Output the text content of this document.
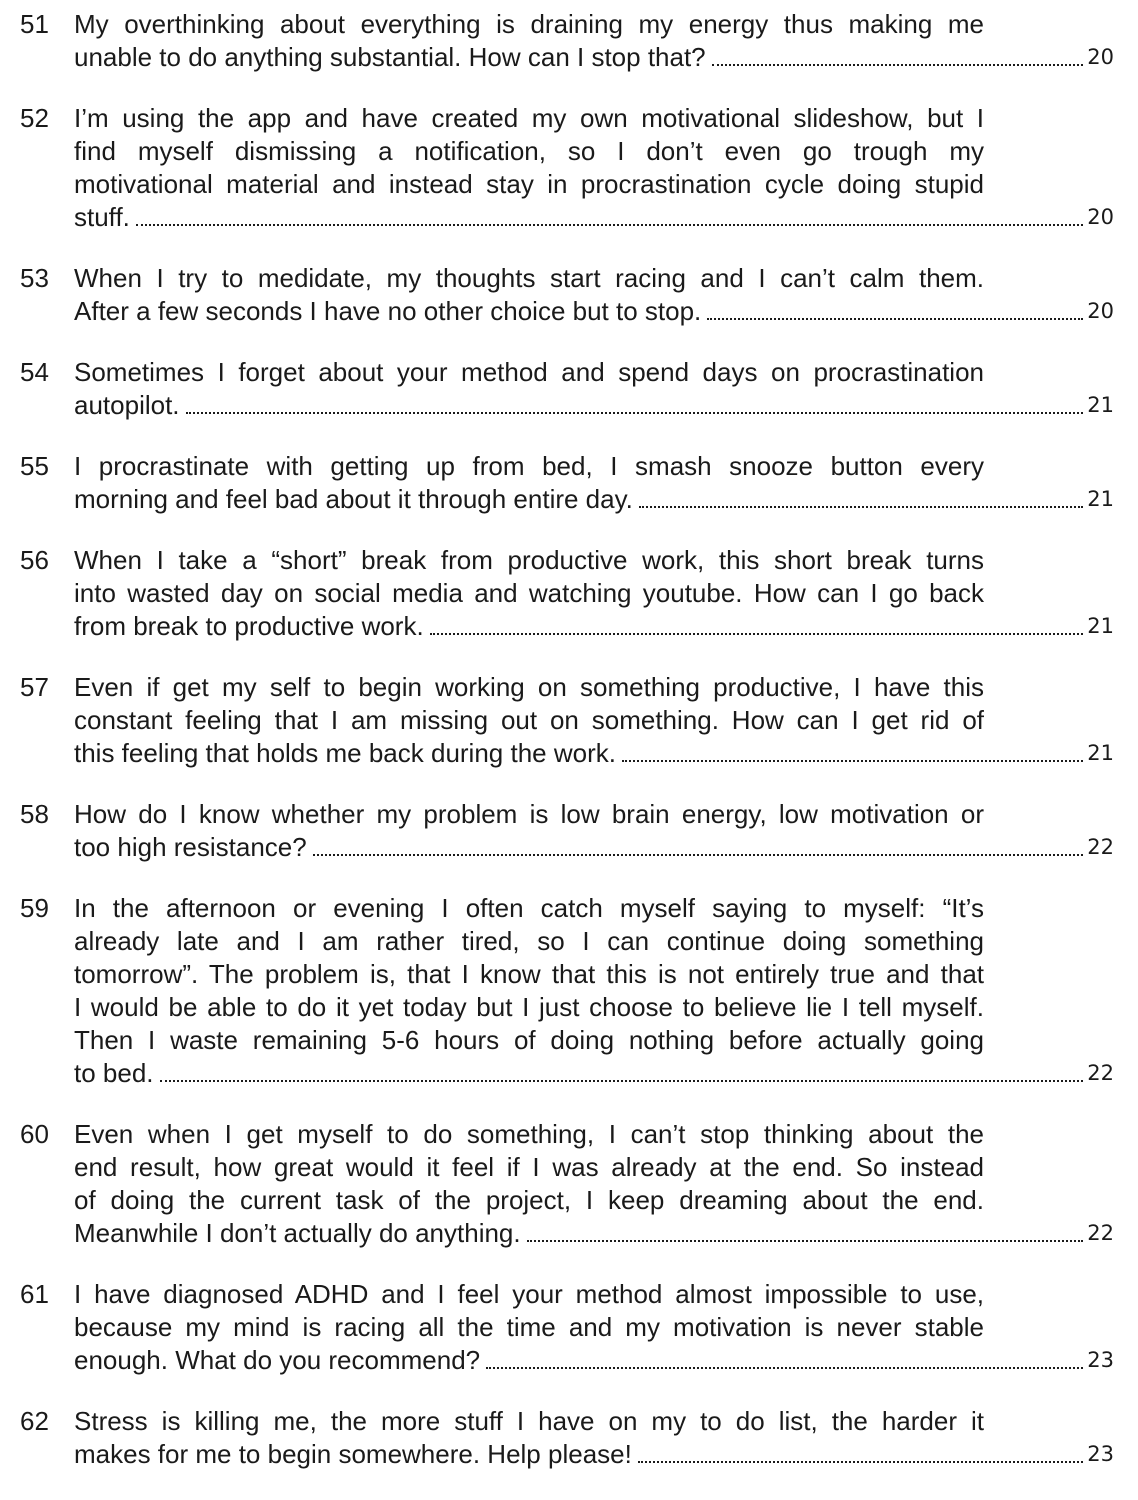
51 My overthinking about everything is draining my energy thus making me
unable to do anything substantial. How can I stop that?	20
52 I’m using the app and have created my own motivational slideshow, but I
find myself dismissing a notification, so I don’t even go trough my
motivational material and instead stay in procrastination cycle doing stupid
stuff.	20
53 When I try to medidate, my thoughts start racing and I can’t calm them.
After a few seconds I have no other choice but to stop.	20
54 Sometimes I forget about your method and spend days on procrastination
autopilot.	21
55 I procrastinate with getting up from bed, I smash snooze button every
morning and feel bad about it through entire day.	21
56 When I take a “short” break from productive work, this short break turns
into wasted day on social media and watching youtube. How can I go back
from break to productive work.	21
57 Even if get my self to begin working on something productive, I have this
constant feeling that I am missing out on something. How can I get rid of
this feeling that holds me back during the work.	21
58 How do I know whether my problem is low brain energy, low motivation or
too high resistance?	22
59 In the afternoon or evening I often catch myself saying to myself: “It’s
already late and I am rather tired, so I can continue doing something
tomorrow”. The problem is, that I know that this is not entirely true and that
I would be able to do it yet today but I just choose to believe lie I tell myself.
Then I waste remaining 5-6 hours of doing nothing before actually going
to bed.	22
60 Even when I get myself to do something, I can’t stop thinking about the
end result, how great would it feel if I was already at the end. So instead
of doing the current task of the project, I keep dreaming about the end.
Meanwhile I don’t actually do anything.	22
61 I have diagnosed ADHD and I feel your method almost impossible to use,
because my mind is racing all the time and my motivation is never stable
enough. What do you recommend?	23
62 Stress is killing me, the more stuff I have on my to do list, the harder it
makes for me to begin somewhere. Help please!	23
